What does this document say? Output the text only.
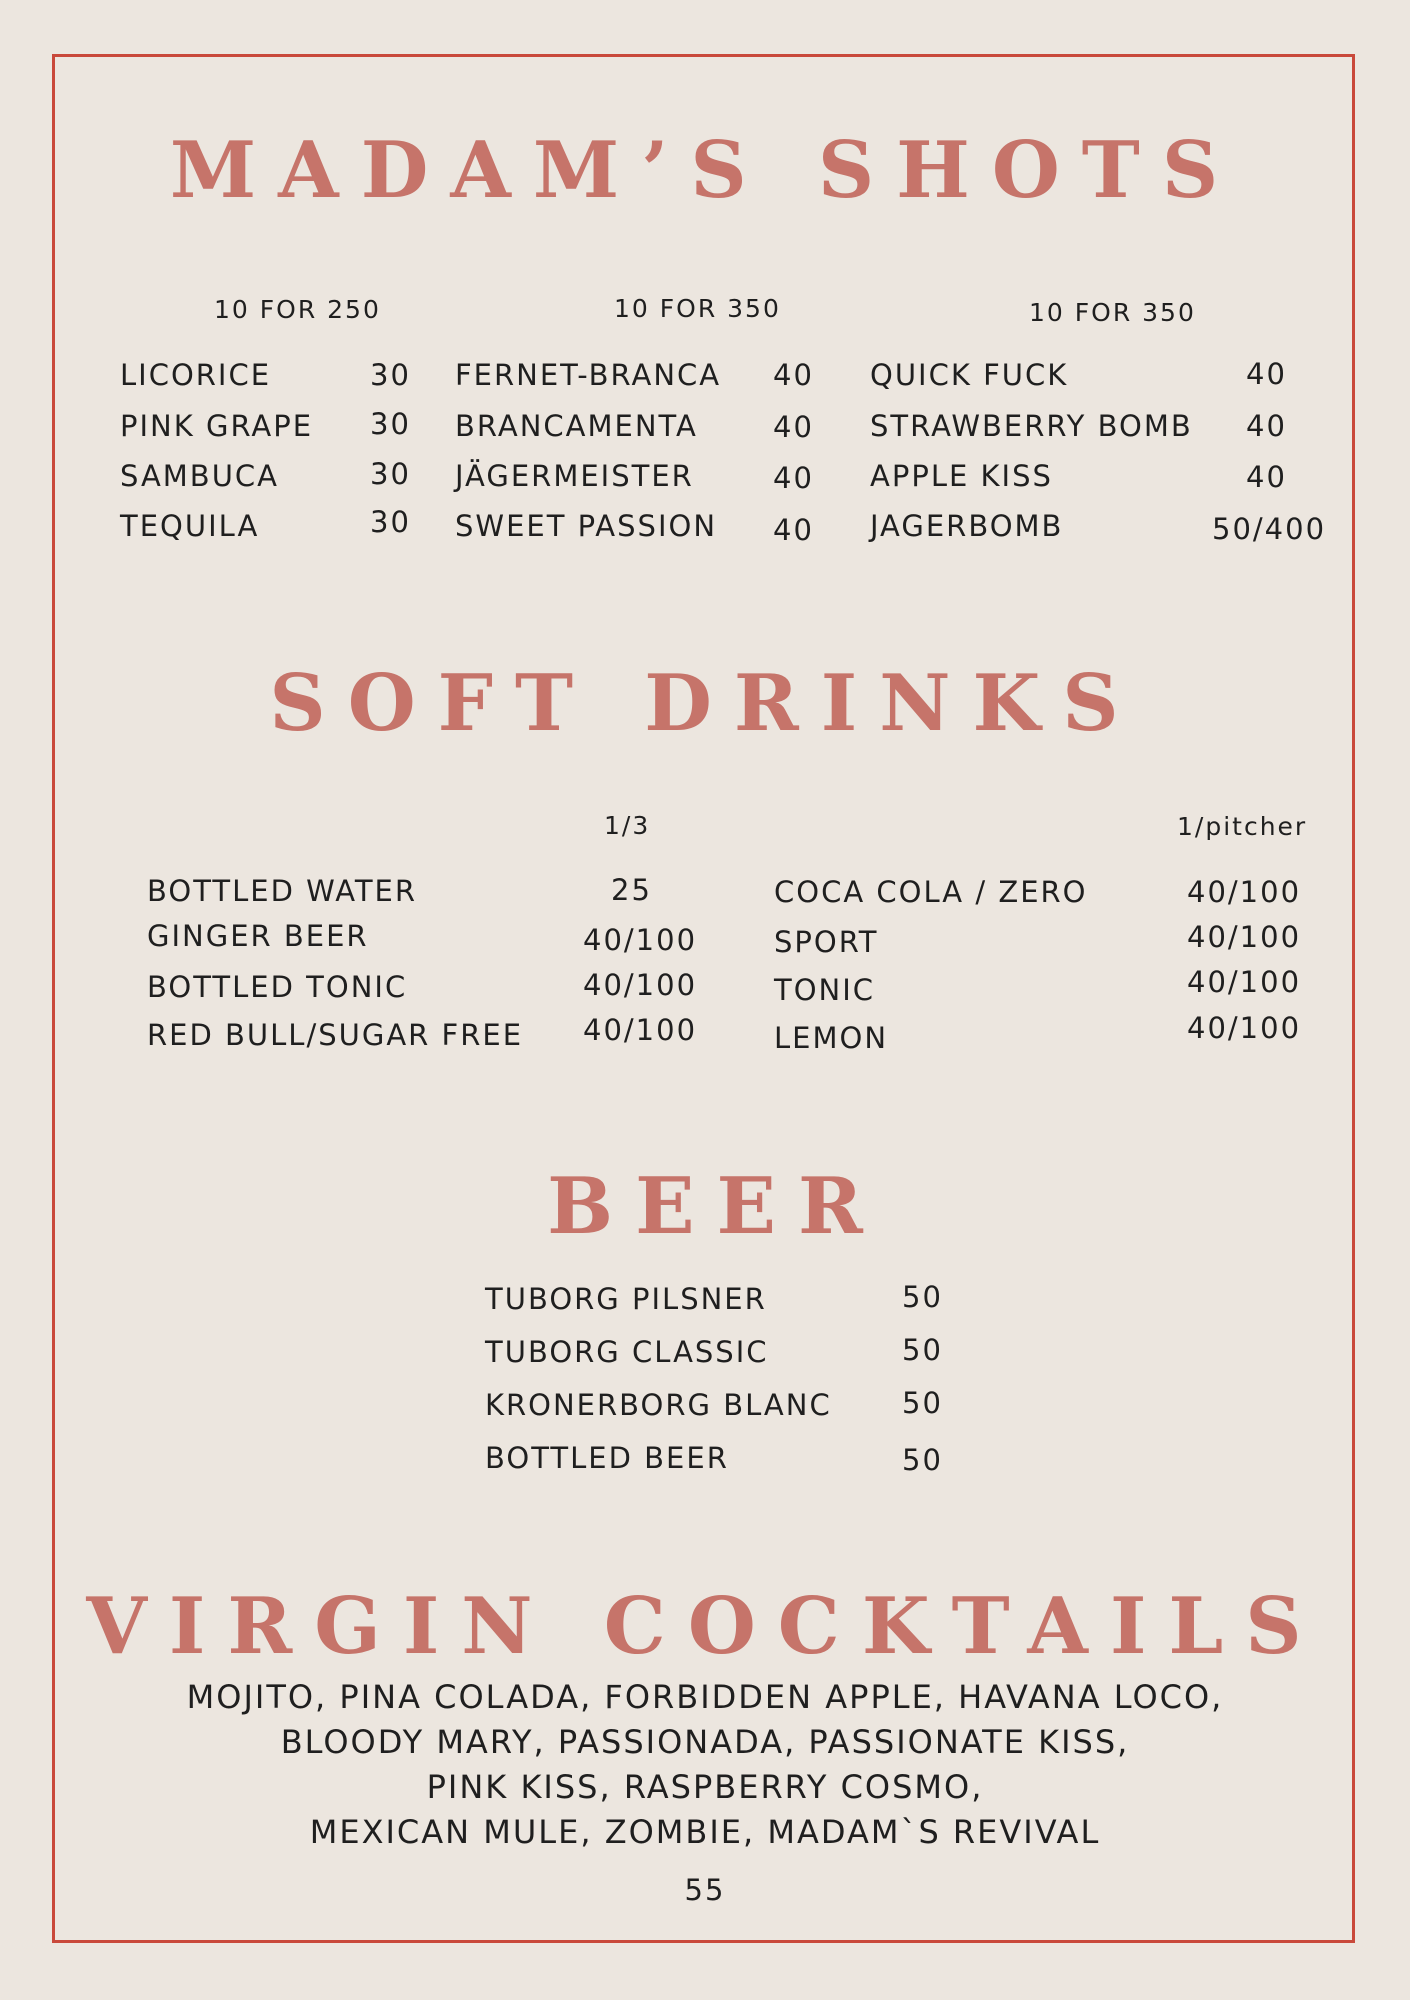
MADAM’S SHOTS
10 FOR 250	10 FOR 350	10 FOR 350
LICORICE	30
PINK GRAPE 30
SAMBUCA	30
TEQUILA	30
FERNET-BRANCA 40
BRANCAMENTA	40
JÄGERMEISTER	40
SWEET PASSION 40
QUICK FUCK	40
STRAWBERRY BOMB 40
APPLE KISS	40
JAGERBOMB	50/400
SOFT DRINKS
1/3	1/pitcher
BOTTLED WATER	25
GINGER BEER	40/100
BOTTLED TONIC	40/100
RED BULL/SUGAR FREE 40/100
COCA COLA / ZERO	40/100
SPORT	40/100
TONIC	40/100
LEMON	40/100
BEER
TUBORG PILSNER	50
TUBORG CLASSIC	50
KRONERBORG BLANC 50
BOTTLED BEER	50
VIRGIN COCKTAILS
MOJITO, PINA COLADA, FORBIDDEN APPLE, HAVANA LOCO,
BLOODY MARY, PASSIONADA, PASSIONATE KISS,
PINK KISS, RASPBERRY COSMO,
MEXICAN MULE, ZOMBIE, MADAM`S REVIVAL
55
